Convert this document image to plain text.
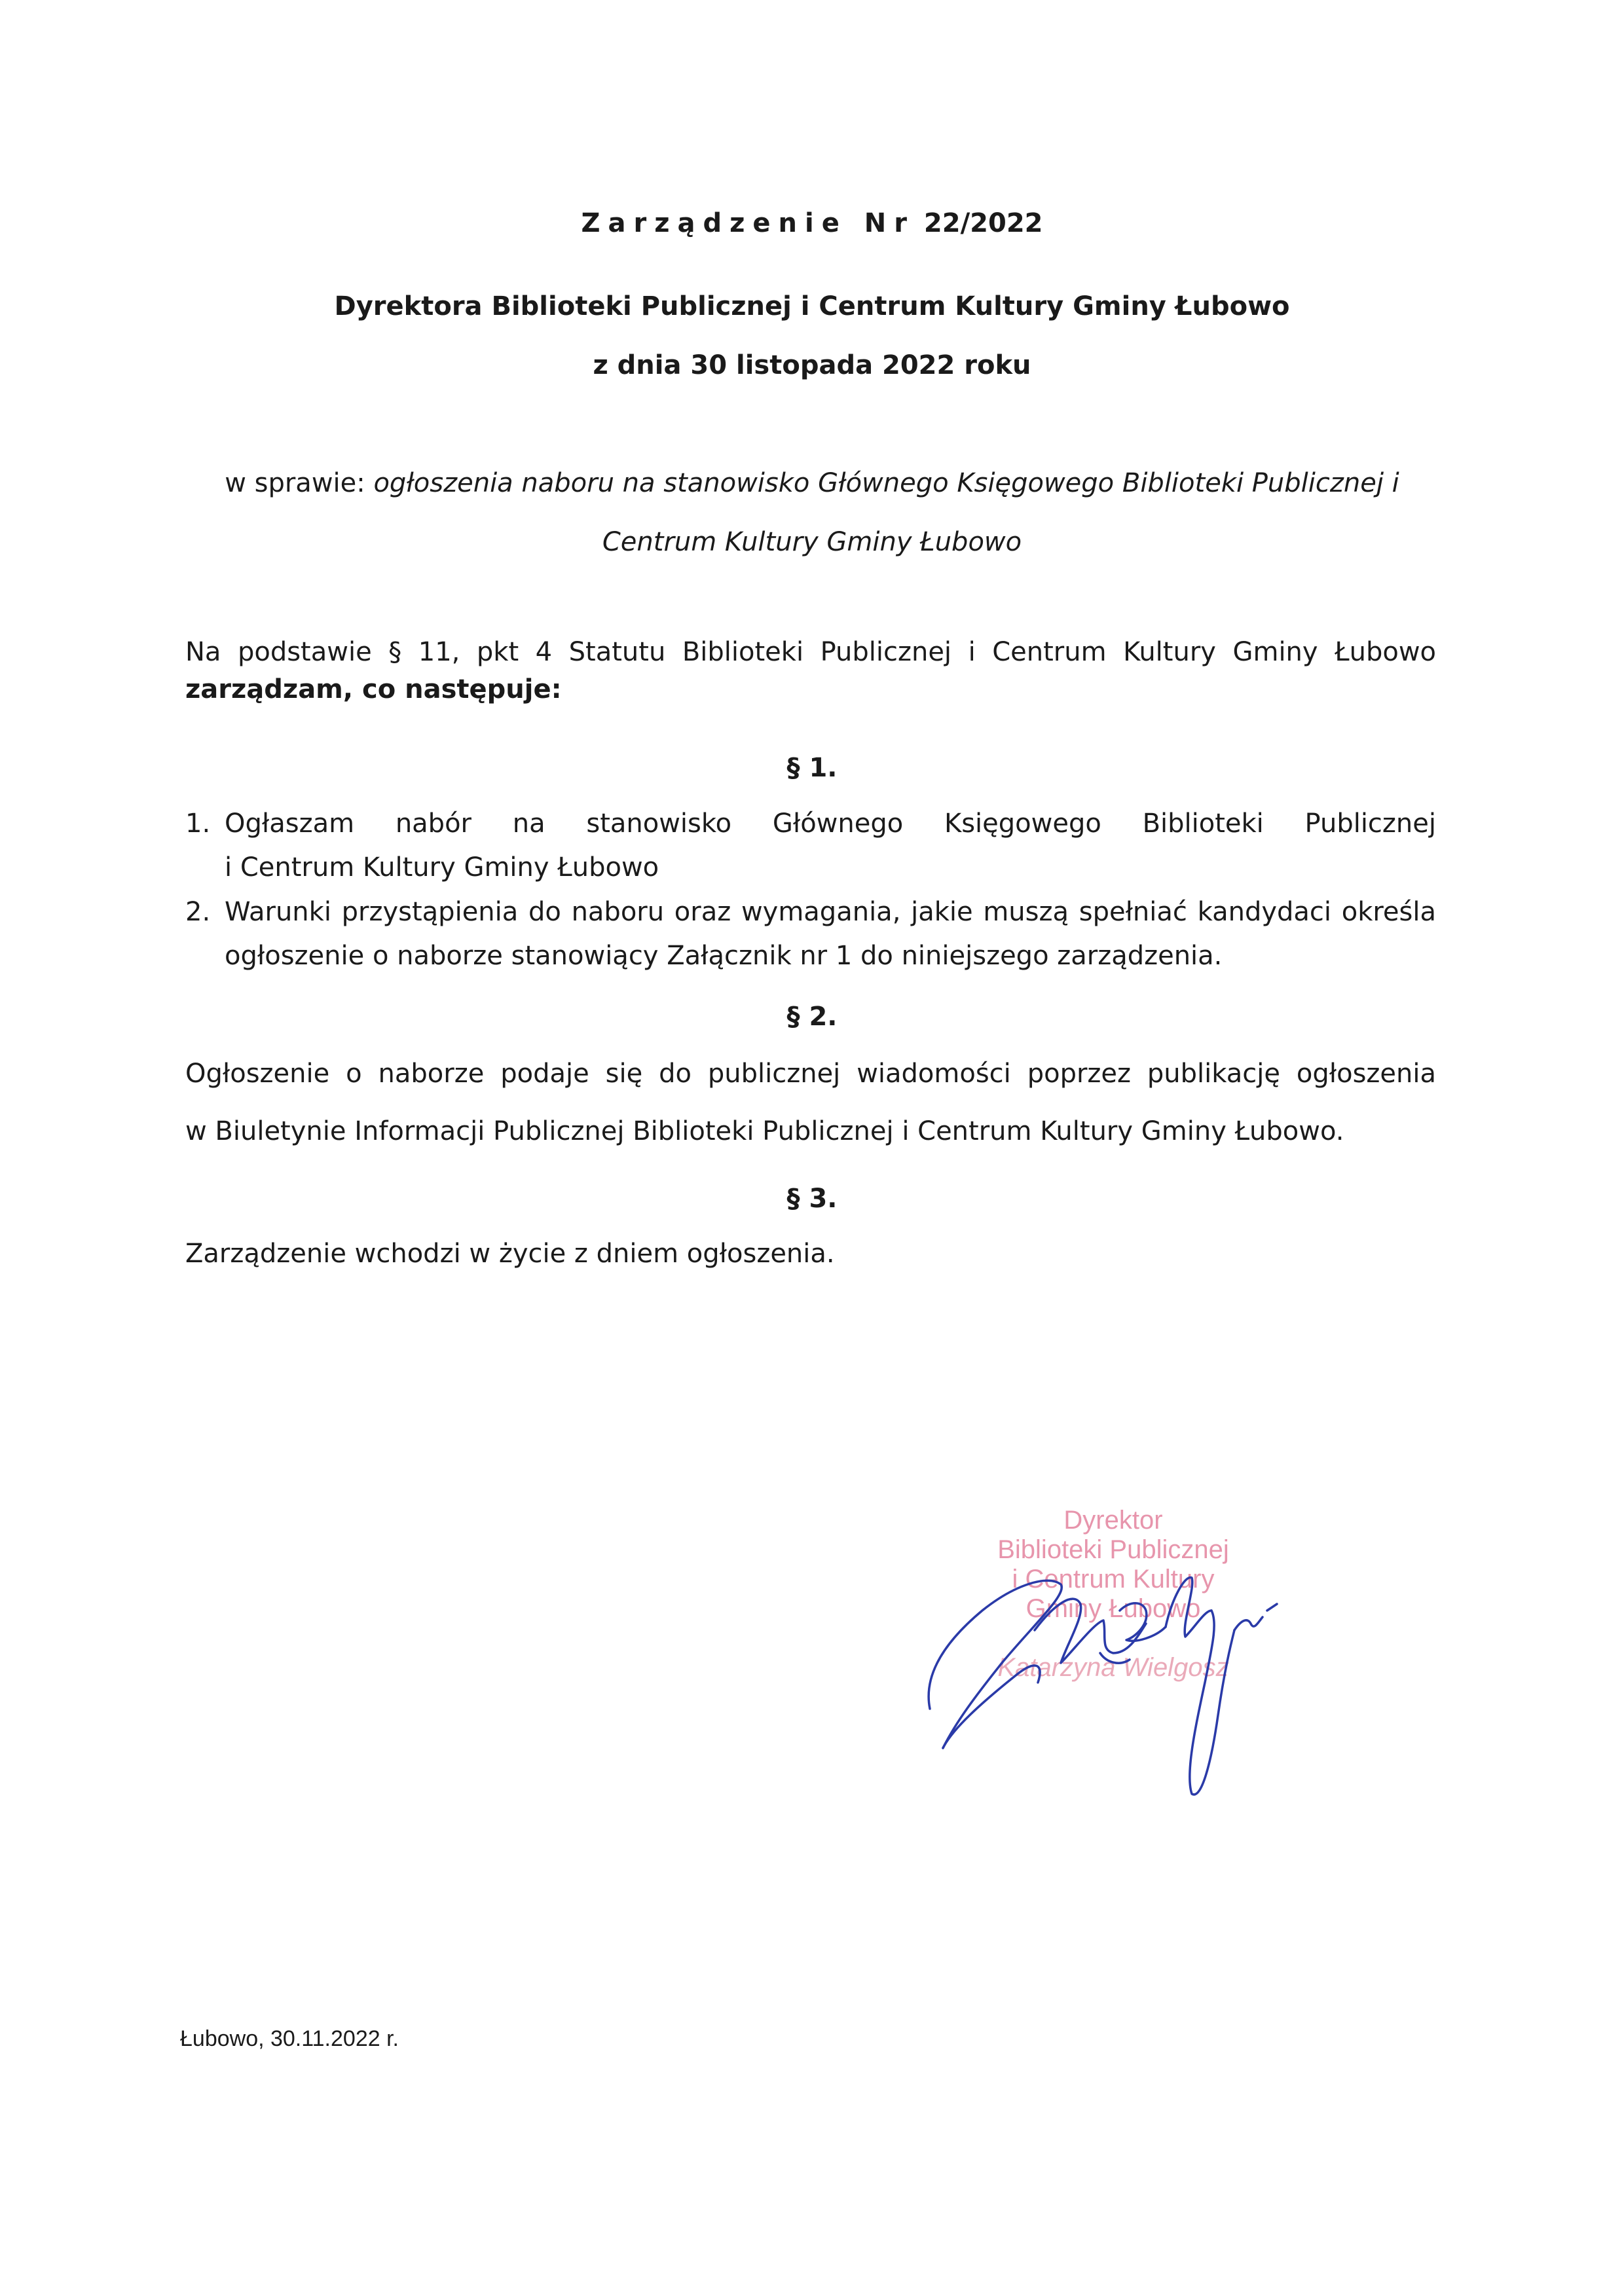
Zarządzenie Nr 22/2022
Dyrektora Biblioteki Publicznej i Centrum Kultury Gminy Łubowo
z dnia 30 listopada 2022 roku
w sprawie: ogłoszenia naboru na stanowisko Głównego Księgowego Biblioteki Publicznej i
Centrum Kultury Gminy Łubowo
Na podstawie § 11, pkt 4 Statutu Biblioteki Publicznej i Centrum Kultury Gminy Łubowo
zarządzam, co następuje:
§ 1.
1. Ogłaszam nabór na stanowisko Głównego Księgowego Biblioteki Publicznej
i Centrum Kultury Gminy Łubowo
2. Warunki przystąpienia do naboru oraz wymagania, jakie muszą spełniać kandydaci określa
ogłoszenie o naborze stanowiący Załącznik nr 1 do niniejszego zarządzenia.
§ 2.
Ogłoszenie o naborze podaje się do publicznej wiadomości poprzez publikację ogłoszenia
w Biuletynie Informacji Publicznej Biblioteki Publicznej i Centrum Kultury Gminy Łubowo.
§ 3.
Zarządzenie wchodzi w życie z dniem ogłoszenia.
Dyrektor
Biblioteki Publicznej
i Centrum Kultury
Gminy Łubowo
Katarzyna Wielgosz
Łubowo, 30.11.2022 r.
